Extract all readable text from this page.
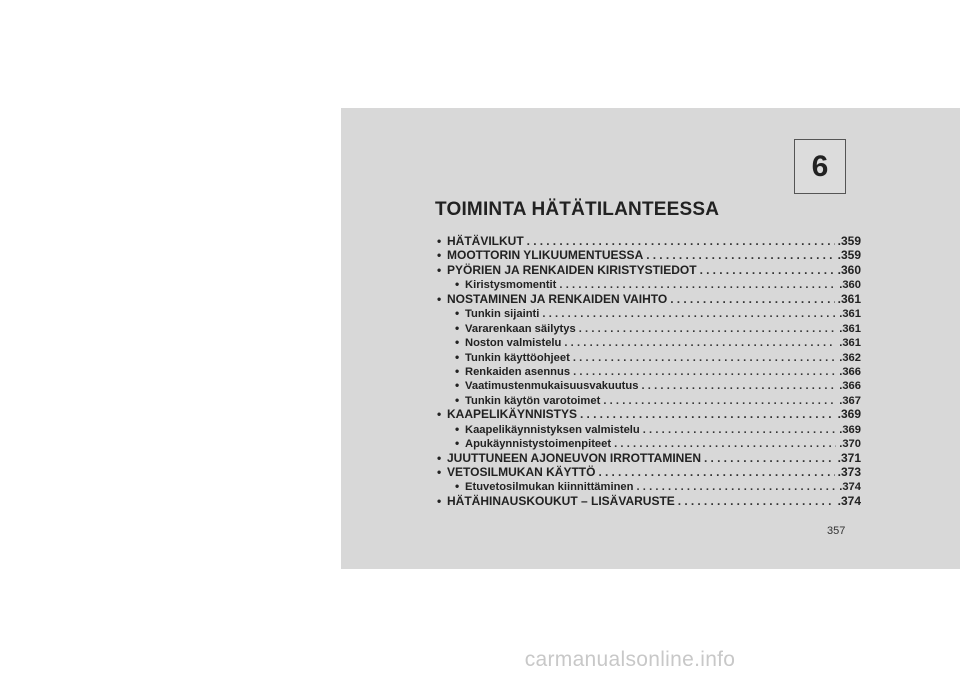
6
TOIMINTA HÄTÄTILANTEESSA
• HÄTÄVILKUT .....	.359
• MOOTTORIN YLIKUUMENTUESSA .....	.359
• PYÖRIEN JA RENKAIDEN KIRISTYSTIEDOT .....	.360
• Kiristysmomentit .....	.360
• NOSTAMINEN JA RENKAIDEN VAIHTO .....	.361
• Tunkin sijainti .....	.361
• Vararenkaan säilytys .....	.361
• Noston valmistelu .....	.361
• Tunkin käyttöohjeet .....	.362
• Renkaiden asennus .....	.366
• Vaatimustenmukaisuusvakuutus .....	.366
• Tunkin käytön varotoimet .....	.367
• KAAPELIKÄYNNISTYS .....	.369
• Kaapelikäynnistyksen valmistelu .....	.369
• Apukäynnistystoimenpiteet .....	.370
• JUUTTUNEEN AJONEUVON IRROTTAMINEN .....	.371
• VETOSILMUKAN KÄYTTÖ .....	.373
• Etuvetosilmukan kiinnittäminen .....	.374
• HÄTÄHINAUSKOUKUT – LISÄVARUSTE .....	.374
357
carmanualsonline.info
